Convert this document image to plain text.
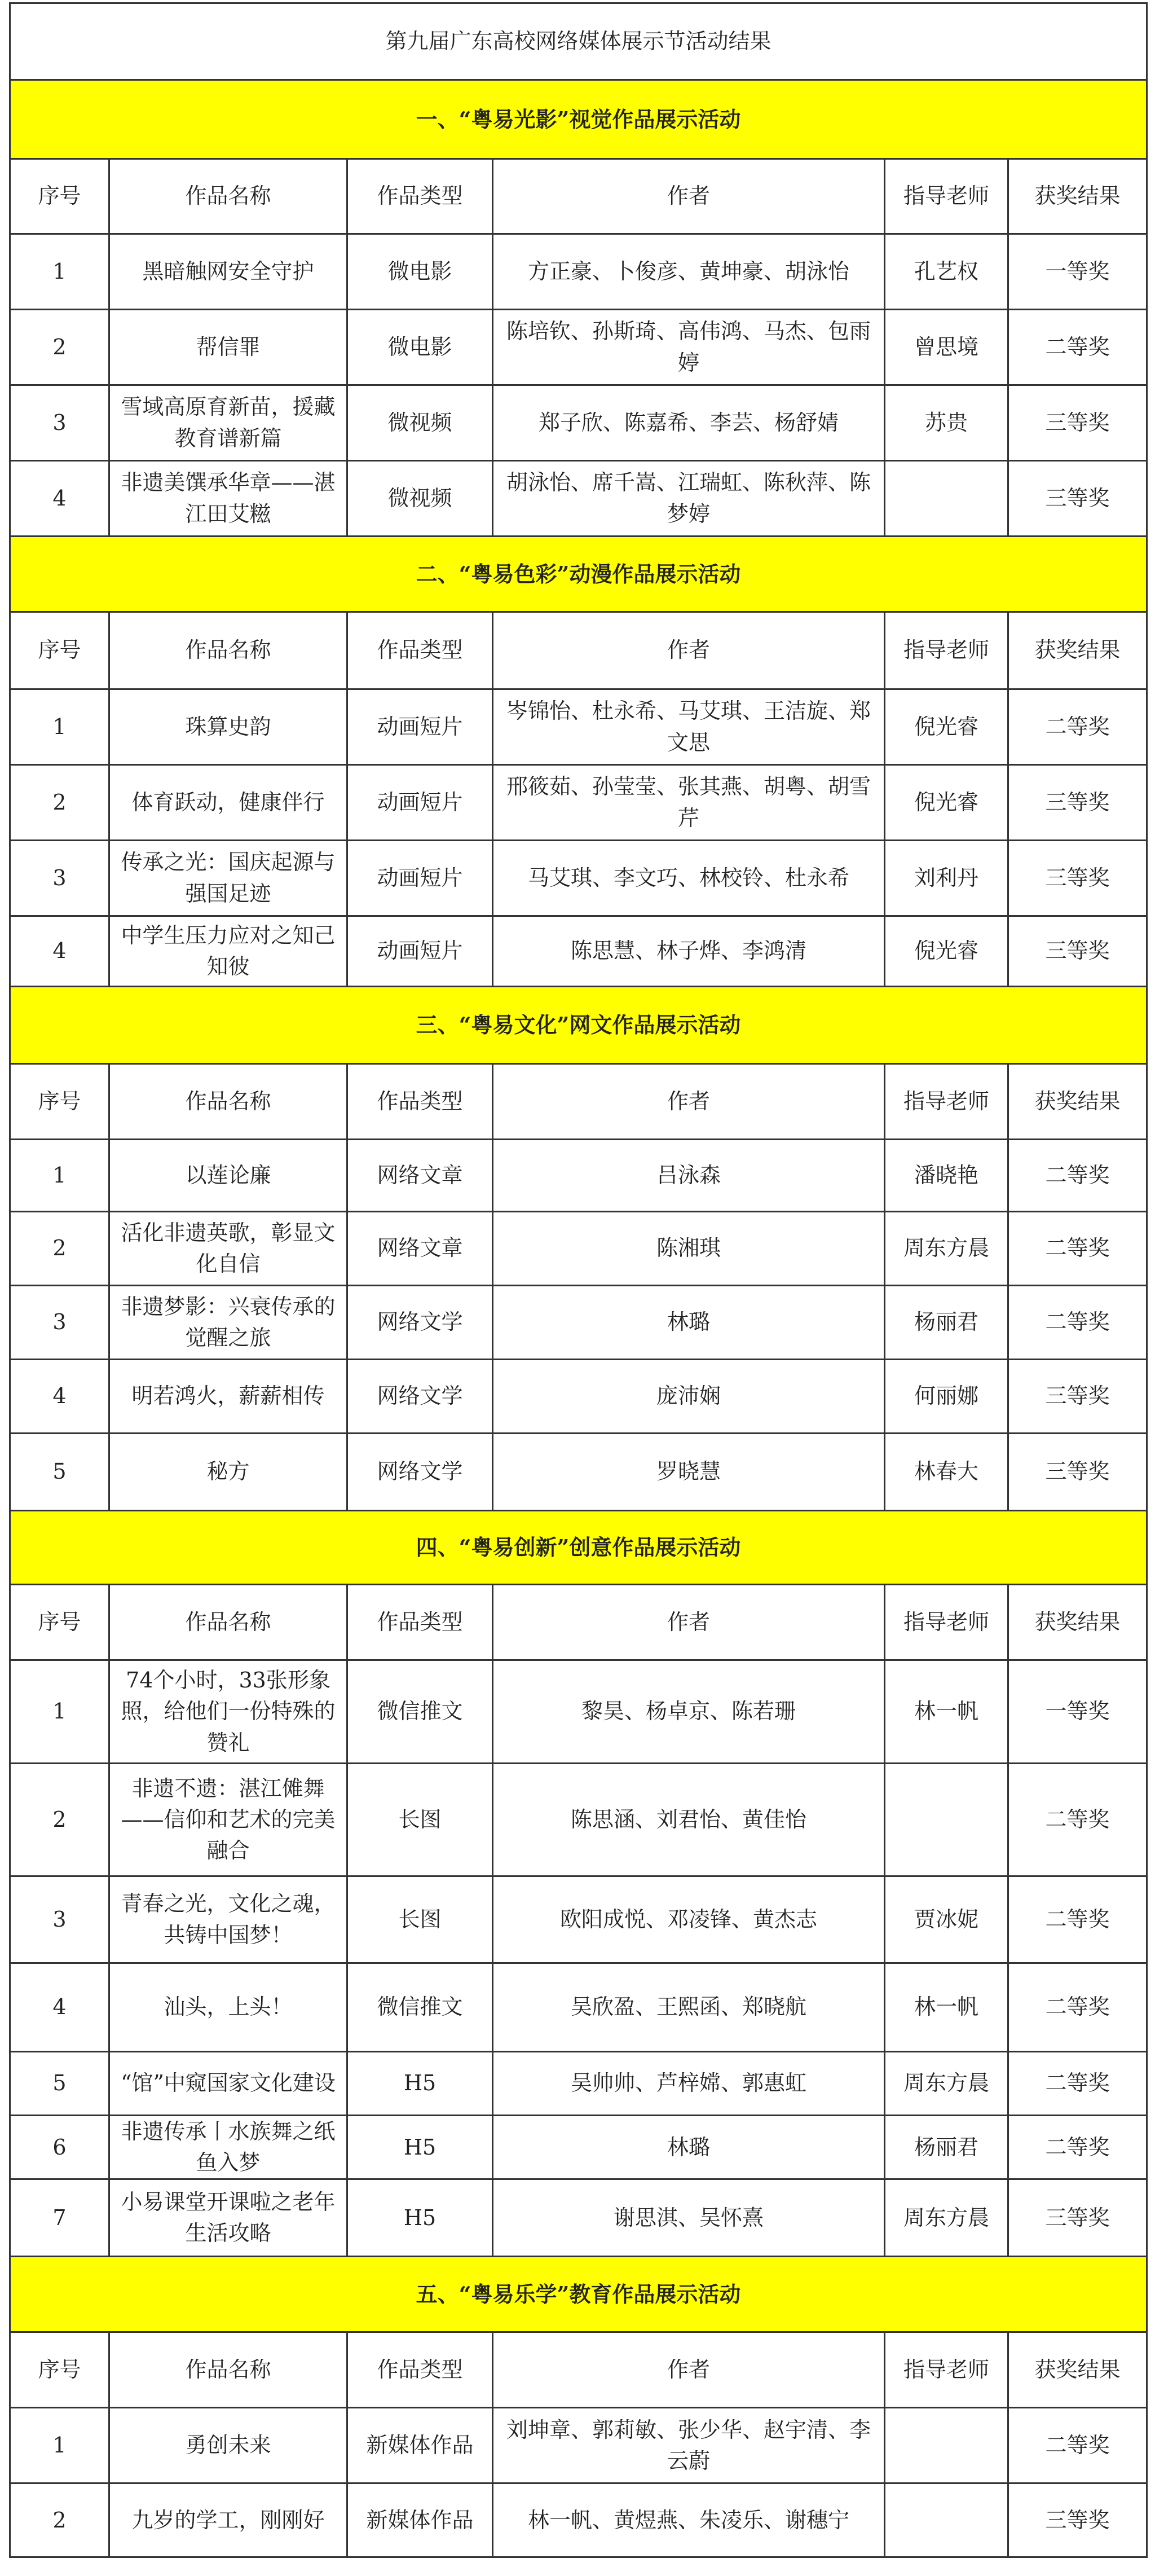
第九届广东高校网络媒体展示节活动结果					
一、“粤易光影”视觉作品展示活动					
序号	作品名称	作品类型	作者	指导老师	获奖结果
1	黑暗触网安全守护	微电影	方正豪、卜俊彦、黄坤豪、胡泳怡	孔艺权	一等奖
2	帮信罪	微电影	陈培钦、孙斯琦、高伟鸿、马杰、包雨婷	曾思境	二等奖
3	雪域高原育新苗，援藏教育谱新篇	微视频	郑子欣、陈嘉希、李芸、杨舒婧	苏贵	三等奖
4	非遗美馔承华章——湛江田艾糍	微视频	胡泳怡、席千嵩、江瑞虹、陈秋萍、陈梦婷		三等奖
二、“粤易色彩”动漫作品展示活动					
序号	作品名称	作品类型	作者	指导老师	获奖结果
1	珠算史韵	动画短片	岑锦怡、杜永希、马艾琪、王洁旋、郑文思	倪光睿	二等奖
2	体育跃动，健康伴行	动画短片	邢筱茹、孙莹莹、张其燕、胡粤、胡雪芹	倪光睿	三等奖
3	传承之光：国庆起源与强国足迹	动画短片	马艾琪、李文巧、林校铃、杜永希	刘利丹	三等奖
4	中学生压力应对之知己知彼	动画短片	陈思慧、林子烨、李鸿清	倪光睿	三等奖
三、“粤易文化”网文作品展示活动					
序号	作品名称	作品类型	作者	指导老师	获奖结果
1	以莲论廉	网络文章	吕泳森	潘晓艳	二等奖
2	活化非遗英歌，彰显文化自信	网络文章	陈湘琪	周东方晨	二等奖
3	非遗梦影：兴衰传承的觉醒之旅	网络文学	林璐	杨丽君	二等奖
4	明若鸿火，薪薪相传	网络文学	庞沛娴	何丽娜	三等奖
5	秘方	网络文学	罗晓慧	林春大	三等奖
四、“粤易创新”创意作品展示活动					
序号	作品名称	作品类型	作者	指导老师	获奖结果
1	74个小时，33张形象照，给他们一份特殊的赞礼	微信推文	黎昊、杨卓京、陈若珊	林一帆	一等奖
2	非遗不遗：湛江傩舞——信仰和艺术的完美融合	长图	陈思涵、刘君怡、黄佳怡		二等奖
3	青春之光，文化之魂，共铸中国梦！	长图	欧阳成悦、邓凌锋、黄杰志	贾冰妮	二等奖
4	汕头，上头！	微信推文	吴欣盈、王熙函、郑晓航	林一帆	二等奖
5	“馆”中窥国家文化建设	H5	吴帅帅、芦梓嫦、郭惠虹	周东方晨	二等奖
6	非遗传承丨水族舞之纸鱼入梦	H5	林璐	杨丽君	二等奖
7	小易课堂开课啦之老年生活攻略	H5	谢思淇、吴怀熹	周东方晨	三等奖
五、“粤易乐学”教育作品展示活动					
序号	作品名称	作品类型	作者	指导老师	获奖结果
1	勇创未来	新媒体作品	刘坤章、郭莉敏、张少华、赵宇清、李云蔚		二等奖
2	九岁的学工，刚刚好	新媒体作品	林一帆、黄煜燕、朱凌乐、谢穗宁		三等奖
